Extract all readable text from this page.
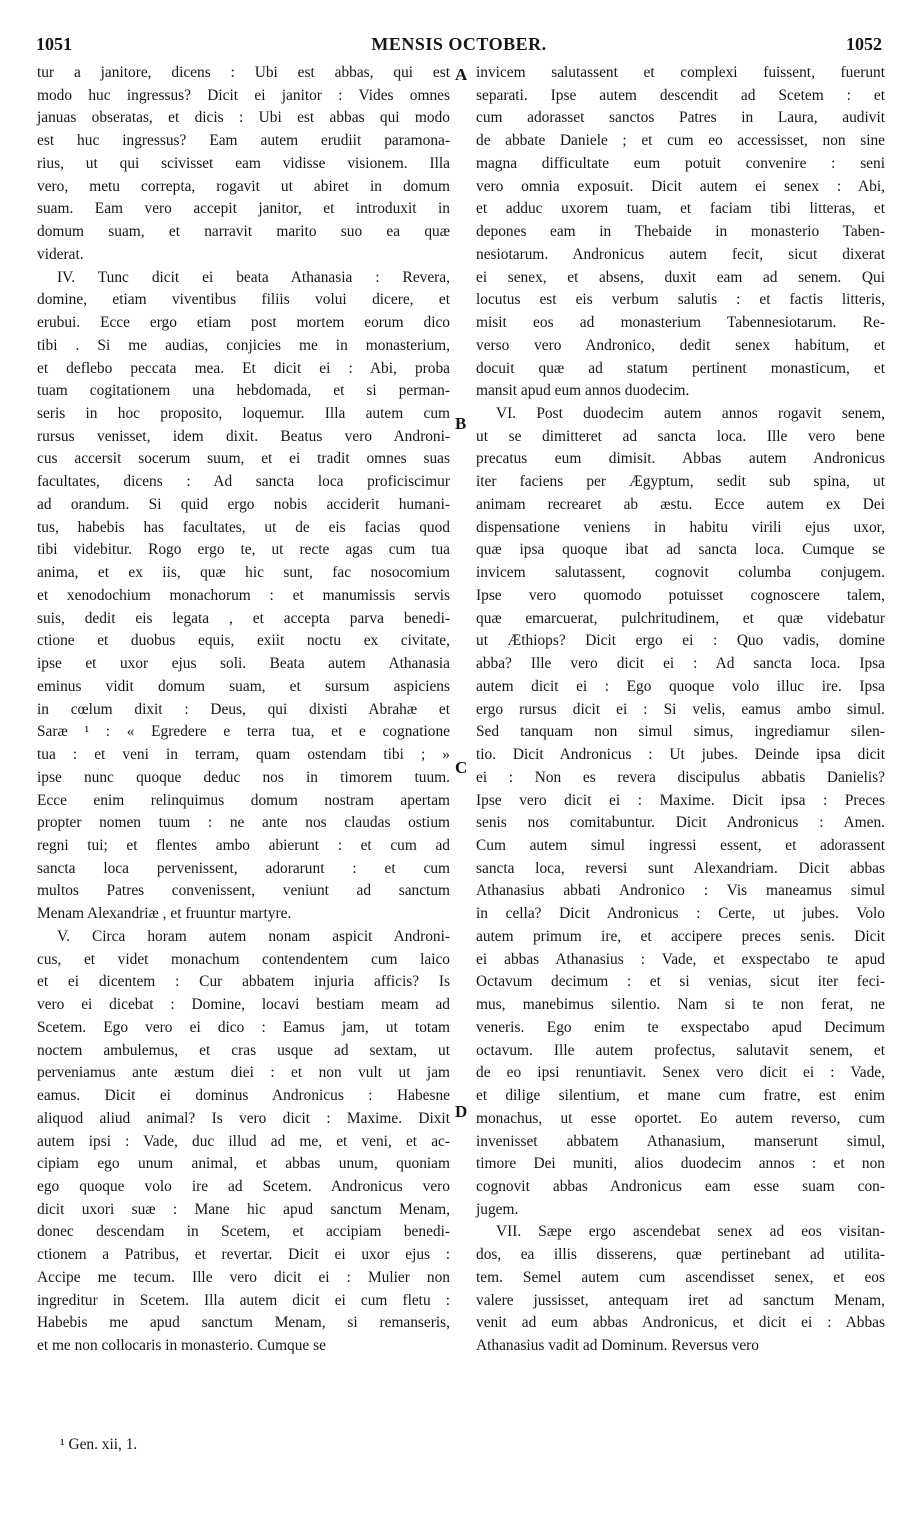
1051	MENSIS OCTOBER.	1052
tur a janitore, dicens : Ubi est abbas, qui est
modo huc ingressus? Dicit ei janitor : Vides omnes
januas obseratas, et dicis : Ubi est abbas qui modo
est huc ingressus? Eam autem erudiit paramona-
rius, ut qui scivisset eam vidisse visionem. Illa
vero, metu correpta, rogavit ut abiret in domum
suam. Eam vero accepit janitor, et introduxit in
domum suam, et narravit marito suo ea quæ
viderat.
IV. Tunc dicit ei beata Athanasia : Revera,
domine, etiam viventibus filiis volui dicere, et
erubui. Ecce ergo etiam post mortem eorum dico
tibi . Si me audias, conjicies me in monasterium,
et deflebo peccata mea. Et dicit ei : Abi, proba
tuam cogitationem una hebdomada, et si perman-
seris in hoc proposito, loquemur. Illa autem cum
rursus venisset, idem dixit. Beatus vero Androni-
cus accersit socerum suum, et ei tradit omnes suas
facultates, dicens : Ad sancta loca proficiscimur
ad orandum. Si quid ergo nobis acciderit humani-
tus, habebis has facultates, ut de eis facias quod
tibi videbitur. Rogo ergo te, ut recte agas cum tua
anima, et ex iis, quæ hic sunt, fac nosocomium
et xenodochium monachorum : et manumissis servis
suis, dedit eis legata , et accepta parva benedi-
ctione et duobus equis, exiit noctu ex civitate,
ipse et uxor ejus soli. Beata autem Athanasia
eminus vidit domum suam, et sursum aspiciens
in cœlum dixit : Deus, qui dixisti Abrahæ et
Saræ ¹ : « Egredere e terra tua, et e cognatione
tua : et veni in terram, quam ostendam tibi ; »
ipse nunc quoque deduc nos in timorem tuum.
Ecce enim relinquimus domum nostram apertam
propter nomen tuum : ne ante nos claudas ostium
regni tui; et flentes ambo abierunt : et cum ad
sancta loca pervenissent, adorarunt : et cum
multos Patres convenissent, veniunt ad sanctum
Menam Alexandriæ , et fruuntur martyre.
V. Circa horam autem nonam aspicit Androni-
cus, et videt monachum contendentem cum laico
et ei dicentem : Cur abbatem injuria afficis? Is
vero ei dicebat : Domine, locavi bestiam meam ad
Scetem. Ego vero ei dico : Eamus jam, ut totam
noctem ambulemus, et cras usque ad sextam, ut
perveniamus ante æstum diei : et non vult ut jam
eamus. Dicit ei dominus Andronicus : Habesne
aliquod aliud animal? Is vero dicit : Maxime. Dixit
autem ipsi : Vade, duc illud ad me, et veni, et ac-
cipiam ego unum animal, et abbas unum, quoniam
ego quoque volo ire ad Scetem. Andronicus vero
dicit uxori suæ : Mane hic apud sanctum Menam,
donec descendam in Scetem, et accipiam benedi-
ctionem a Patribus, et revertar. Dicit ei uxor ejus :
Accipe me tecum. Ille vero dicit ei : Mulier non
ingreditur in Scetem. Illa autem dicit ei cum fletu :
Habebis me apud sanctum Menam, si remanseris,
et me non collocaris in monasterio. Cumque se
invicem salutassent et complexi fuissent, fuerunt
separati. Ipse autem descendit ad Scetem : et
cum adorasset sanctos Patres in Laura, audivit
de abbate Daniele ; et cum eo accessisset, non sine
magna difficultate eum potuit convenire : seni
vero omnia exposuit. Dicit autem ei senex : Abi,
et adduc uxorem tuam, et faciam tibi litteras, et
depones eam in Thebaide in monasterio Taben-
nesiotarum. Andronicus autem fecit, sicut dixerat
ei senex, et absens, duxit eam ad senem. Qui
locutus est eis verbum salutis : et factis litteris,
misit eos ad monasterium Tabennesiotarum. Re-
verso vero Andronico, dedit senex habitum, et
docuit quæ ad statum pertinent monasticum, et
mansit apud eum annos duodecim.
VI. Post duodecim autem annos rogavit senem,
ut se dimitteret ad sancta loca. Ille vero bene
precatus eum dimisit. Abbas autem Andronicus
iter faciens per Ægyptum, sedit sub spina, ut
animam recrearet ab æstu. Ecce autem ex Dei
dispensatione veniens in habitu virili ejus uxor,
quæ ipsa quoque ibat ad sancta loca. Cumque se
invicem salutassent, cognovit columba conjugem.
Ipse vero quomodo potuisset cognoscere talem,
quæ emarcuerat, pulchritudinem, et quæ videbatur
ut Æthiops? Dicit ergo ei : Quo vadis, domine
abba? Ille vero dicit ei : Ad sancta loca. Ipsa
autem dicit ei : Ego quoque volo illuc ire. Ipsa
ergo rursus dicit ei : Si velis, eamus ambo simul.
Sed tanquam non simul simus, ingrediamur silen-
tio. Dicit Andronicus : Ut jubes. Deinde ipsa dicit
ei : Non es revera discipulus abbatis Danielis?
Ipse vero dicit ei : Maxime. Dicit ipsa : Preces
senis nos comitabuntur. Dicit Andronicus : Amen.
Cum autem simul ingressi essent, et adorassent
sancta loca, reversi sunt Alexandriam. Dicit abbas
Athanasius abbati Andronico : Vis maneamus simul
in cella? Dicit Andronicus : Certe, ut jubes. Volo
autem primum ire, et accipere preces senis. Dicit
ei abbas Athanasius : Vade, et exspectabo te apud
Octavum decimum : et si venias, sicut iter feci-
mus, manebimus silentio. Nam si te non ferat, ne
veneris. Ego enim te exspectabo apud Decimum
octavum. Ille autem profectus, salutavit senem, et
de eo ipsi renuntiavit. Senex vero dicit ei : Vade,
et dilige silentium, et mane cum fratre, est enim
monachus, ut esse oportet. Eo autem reverso, cum
invenisset abbatem Athanasium, manserunt simul,
timore Dei muniti, alios duodecim annos : et non
cognovit abbas Andronicus eam esse suam con-
jugem.
VII. Sæpe ergo ascendebat senex ad eos visitan-
dos, ea illis disserens, quæ pertinebant ad utilita-
tem. Semel autem cum ascendisset senex, et eos
valere jussisset, antequam iret ad sanctum Menam,
venit ad eum abbas Andronicus, et dicit ei : Abbas
Athanasius vadit ad Dominum. Reversus vero
A
B
C
D
¹ Gen. xii, 1.
